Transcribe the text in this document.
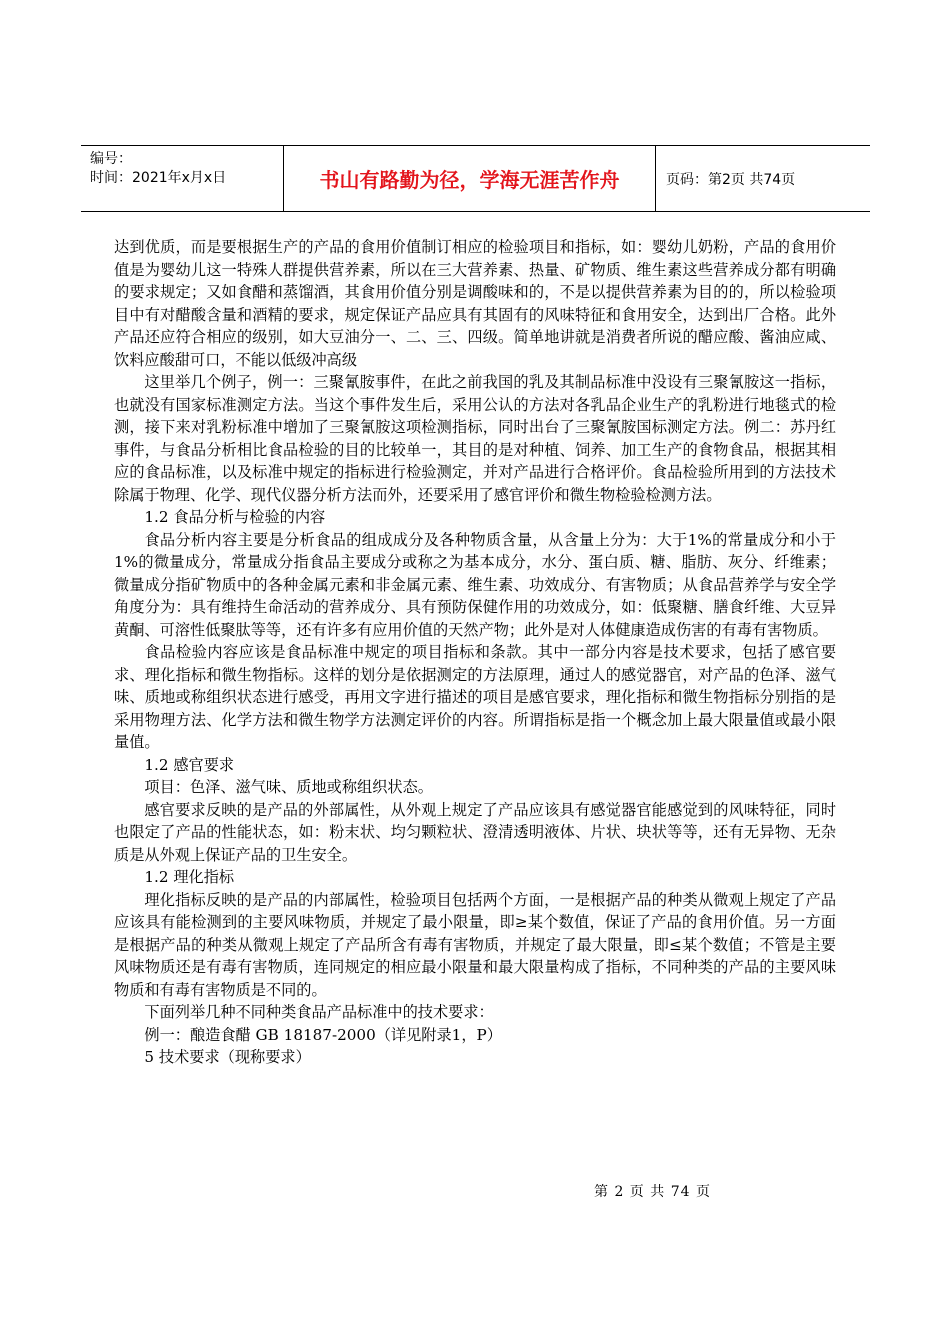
编号：
时间：2021年x月x日	书山有路勤为径，学海无涯苦作舟	页码：第2页 共74页

达到优质，而是要根据生产的产品的食用价值制订相应的检验项目和指标，如：婴幼儿奶粉，产品的食用价值是为婴幼儿这一特殊人群提供营养素，所以在三大营养素、热量、矿物质、维生素这些营养成分都有明确的要求规定；又如食醋和蒸馏酒，其食用价值分别是调酸味和的，不是以提供营养素为目的的，所以检验项目中有对醋酸含量和酒精的要求，规定保证产品应具有其固有的风味特征和食用安全，达到出厂合格。此外产品还应符合相应的级别，如大豆油分一、二、三、四级。简单地讲就是消费者所说的醋应酸、酱油应咸、饮料应酸甜可口，不能以低级冲高级

这里举几个例子，例一：三聚氰胺事件，在此之前我国的乳及其制品标准中没设有三聚氰胺这一指标，也就没有国家标准测定方法。当这个事件发生后，采用公认的方法对各乳品企业生产的乳粉进行地毯式的检测，接下来对乳粉标准中增加了三聚氰胺这项检测指标，同时出台了三聚氰胺国标测定方法。例二：苏丹红事件，与食品分析相比食品检验的目的比较单一，其目的是对种植、饲养、加工生产的食物食品，根据其相应的食品标准，以及标准中规定的指标进行检验测定，并对产品进行合格评价。食品检验所用到的方法技术除属于物理、化学、现代仪器分析方法而外，还要采用了感官评价和微生物检验检测方法。

1.2 食品分析与检验的内容

食品分析内容主要是分析食品的组成成分及各种物质含量，从含量上分为：大于1%的常量成分和小于1%的微量成分，常量成分指食品主要成分或称之为基本成分，水分、蛋白质、糖、脂肪、灰分、纤维素；微量成分指矿物质中的各种金属元素和非金属元素、维生素、功效成分、有害物质；从食品营养学与安全学角度分为：具有维持生命活动的营养成分、具有预防保健作用的功效成分，如：低聚糖、膳食纤维、大豆异黄酮、可溶性低聚肽等等，还有许多有应用价值的天然产物；此外是对人体健康造成伤害的有毒有害物质。

食品检验内容应该是食品标准中规定的项目指标和条款。其中一部分内容是技术要求，包括了感官要求、理化指标和微生物指标。这样的划分是依据测定的方法原理，通过人的感觉器官，对产品的色泽、滋气味、质地或称组织状态进行感受，再用文字进行描述的项目是感官要求，理化指标和微生物指标分别指的是采用物理方法、化学方法和微生物学方法测定评价的内容。所谓指标是指一个概念加上最大限量值或最小限量值。

1.2 感官要求

项目：色泽、滋气味、质地或称组织状态。

感官要求反映的是产品的外部属性，从外观上规定了产品应该具有感觉器官能感觉到的风味特征，同时也限定了产品的性能状态，如：粉末状、均匀颗粒状、澄清透明液体、片状、块状等等，还有无异物、无杂质是从外观上保证产品的卫生安全。

1.2 理化指标

理化指标反映的是产品的内部属性，检验项目包括两个方面，一是根据产品的种类从微观上规定了产品应该具有能检测到的主要风味物质，并规定了最小限量，即≥某个数值，保证了产品的食用价值。另一方面是根据产品的种类从微观上规定了产品所含有毒有害物质，并规定了最大限量，即≤某个数值；不管是主要风味物质还是有毒有害物质，连同规定的相应最小限量和最大限量构成了指标，不同种类的产品的主要风味物质和有毒有害物质是不同的。

下面列举几种不同种类食品产品标准中的技术要求：

例一：酿造食醋 GB 18187-2000（详见附录1，P）

5 技术要求（现称要求）

第 2 页 共 74 页
